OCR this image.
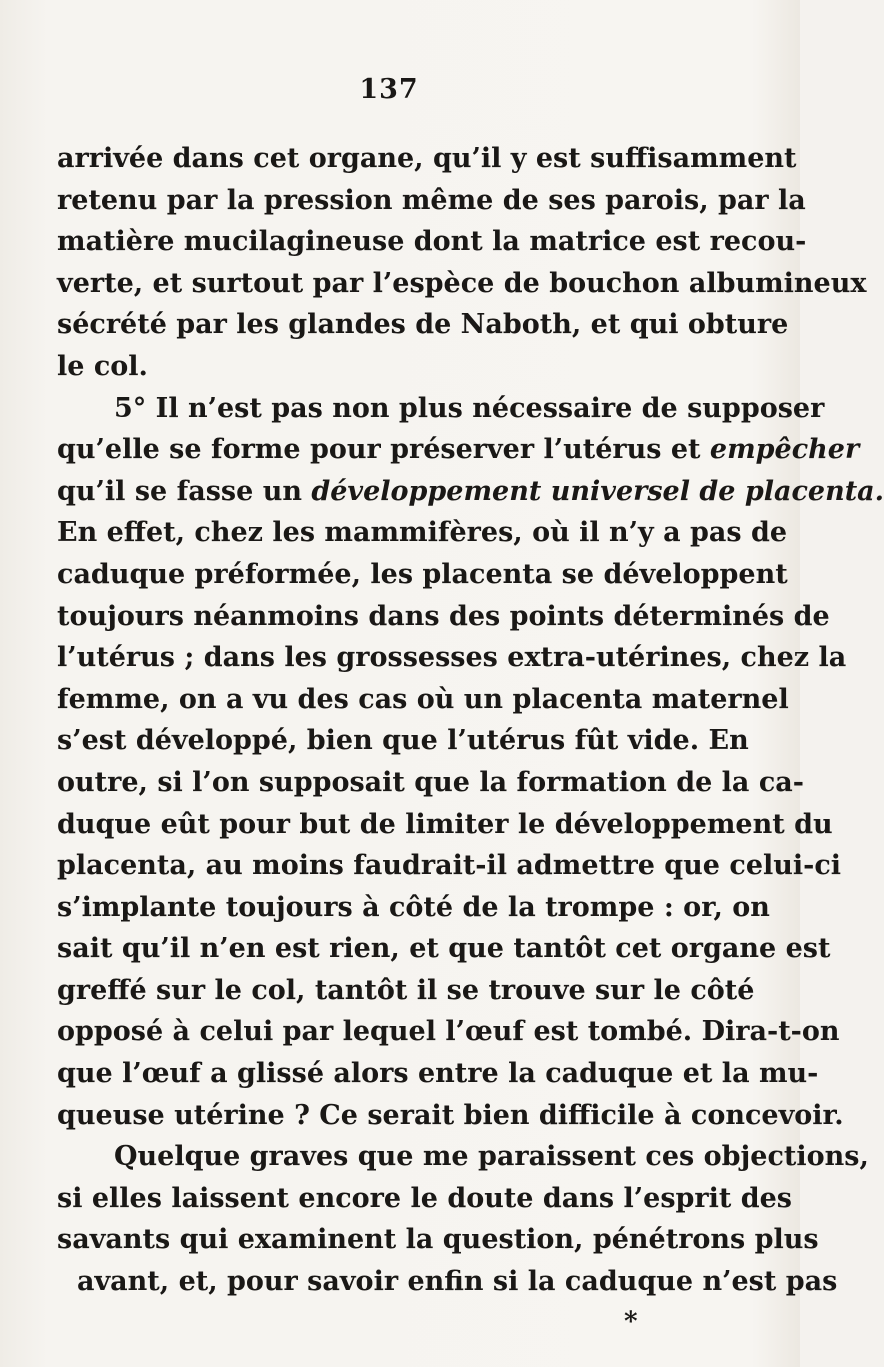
137
arrivée dans cet organe, qu’il y est suffisamment
retenu par la pression même de ses parois, par la
matière mucilagineuse dont la matrice est recou-
verte, et surtout par l’espèce de bouchon albumineux
sécrété par les glandes de Naboth, et qui obture
le col.
5° Il n’est pas non plus nécessaire de supposer
qu’elle se forme pour préserver l’utérus et empêcher
qu’il se fasse un développement universel de placenta.
En effet, chez les mammifères, où il n’y a pas de
caduque préformée, les placenta se développent
toujours néanmoins dans des points déterminés de
l’utérus ; dans les grossesses extra-utérines, chez la
femme, on a vu des cas où un placenta maternel
s’est développé, bien que l’utérus fût vide. En
outre, si l’on supposait que la formation de la ca-
duque eût pour but de limiter le développement du
placenta, au moins faudrait-il admettre que celui-ci
s’implante toujours à côté de la trompe : or, on
sait qu’il n’en est rien, et que tantôt cet organe est
greffé sur le col, tantôt il se trouve sur le côté
opposé à celui par lequel l’œuf est tombé. Dira-t-on
que l’œuf a glissé alors entre la caduque et la mu-
queuse utérine ? Ce serait bien difficile à concevoir.
Quelque graves que me paraissent ces objections,
si elles laissent encore le doute dans l’esprit des
savants qui examinent la question, pénétrons plus
avant, et, pour savoir enfin si la caduque n’est pas
*
